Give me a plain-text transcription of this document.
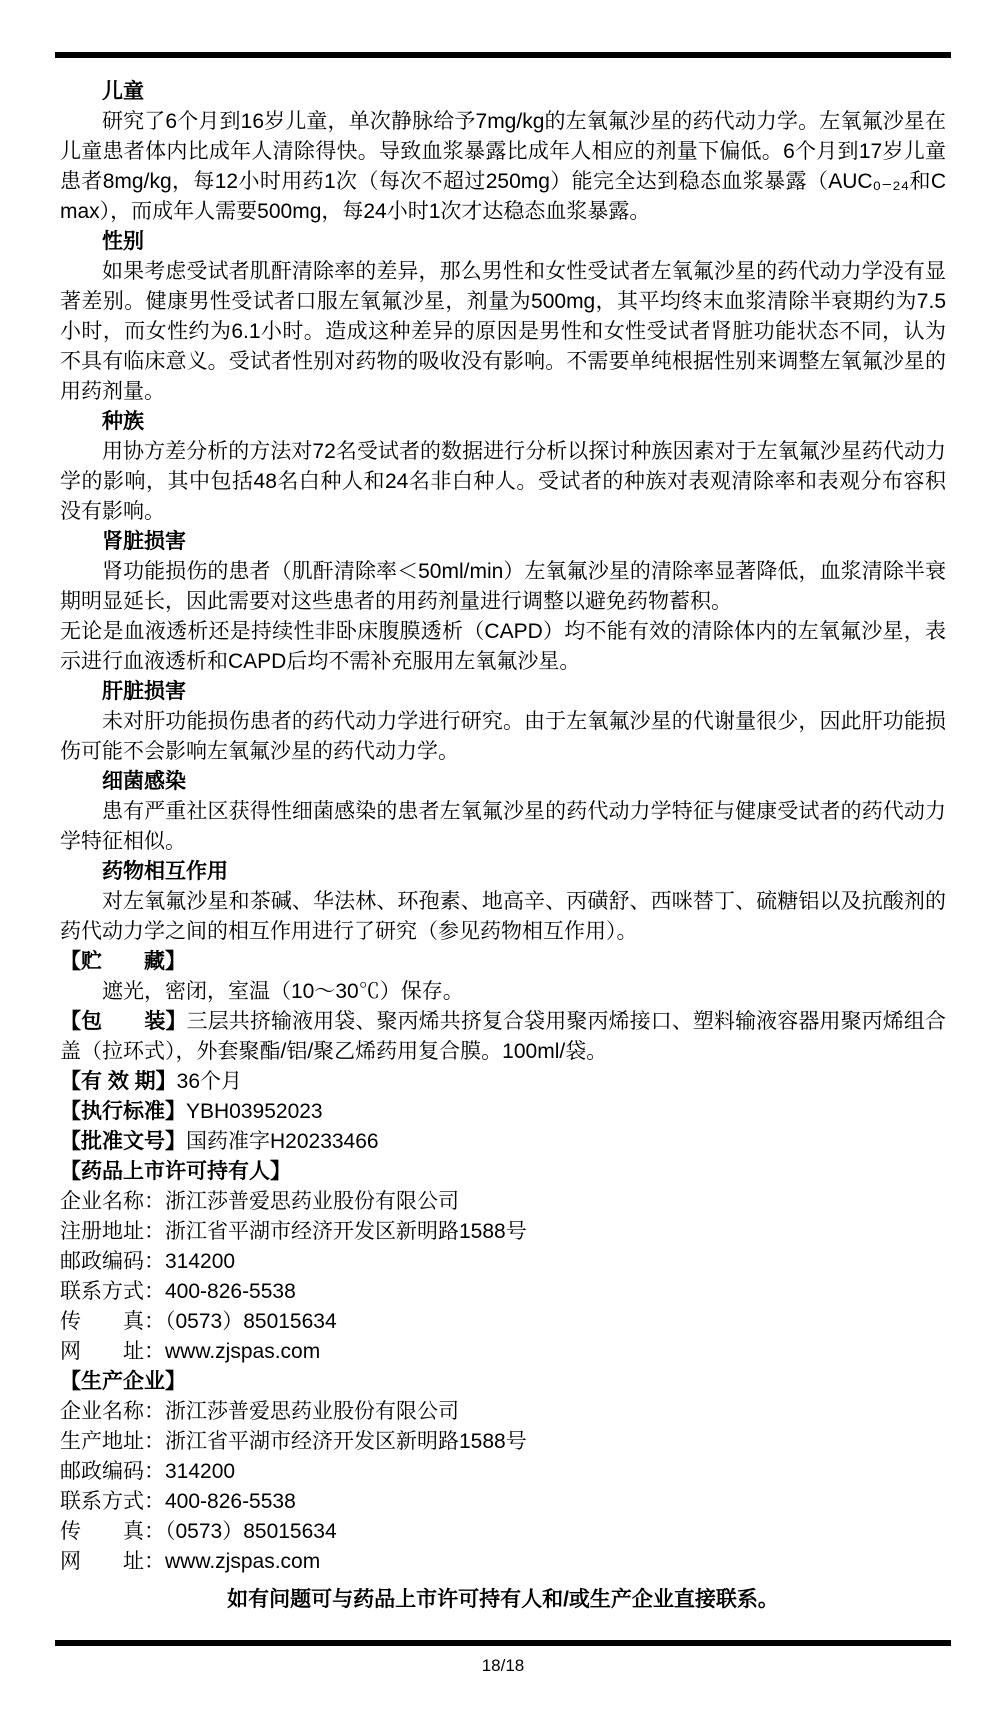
儿童

研究了6个月到16岁儿童，单次静脉给予7mg/kg的左氧氟沙星的药代动力学。左氧氟沙星在儿童患者体内比成年人清除得快。导致血浆暴露比成年人相应的剂量下偏低。6个月到17岁儿童患者8mg/kg，每12小时用药1次（每次不超过250mg）能完全达到稳态血浆暴露（AUC₀₋₂₄和Cmax），而成年人需要500mg，每24小时1次才达稳态血浆暴露。

性别

如果考虑受试者肌酐清除率的差异，那么男性和女性受试者左氧氟沙星的药代动力学没有显著差别。健康男性受试者口服左氧氟沙星，剂量为500mg，其平均终末血浆清除半衰期约为7.5小时，而女性约为6.1小时。造成这种差异的原因是男性和女性受试者肾脏功能状态不同，认为不具有临床意义。受试者性别对药物的吸收没有影响。不需要单纯根据性别来调整左氧氟沙星的用药剂量。

种族

用协方差分析的方法对72名受试者的数据进行分析以探讨种族因素对于左氧氟沙星药代动力学的影响，其中包括48名白种人和24名非白种人。受试者的种族对表观清除率和表观分布容积没有影响。

肾脏损害

肾功能损伤的患者（肌酐清除率＜50ml/min）左氧氟沙星的清除率显著降低，血浆清除半衰期明显延长，因此需要对这些患者的用药剂量进行调整以避免药物蓄积。

无论是血液透析还是持续性非卧床腹膜透析（CAPD）均不能有效的清除体内的左氧氟沙星，表示进行血液透析和CAPD后均不需补充服用左氧氟沙星。

肝脏损害

未对肝功能损伤患者的药代动力学进行研究。由于左氧氟沙星的代谢量很少，因此肝功能损伤可能不会影响左氧氟沙星的药代动力学。

细菌感染

患有严重社区获得性细菌感染的患者左氧氟沙星的药代动力学特征与健康受试者的药代动力学特征相似。

药物相互作用

对左氧氟沙星和茶碱、华法林、环孢素、地高辛、丙磺舒、西咪替丁、硫糖铝以及抗酸剂的药代动力学之间的相互作用进行了研究（参见药物相互作用）。

【贮　　藏】

遮光，密闭，室温（10～30℃）保存。

【包　　装】三层共挤输液用袋、聚丙烯共挤复合袋用聚丙烯接口、塑料输液容器用聚丙烯组合盖（拉环式），外套聚酯/铝/聚乙烯药用复合膜。100ml/袋。

【有 效 期】36个月

【执行标准】YBH03952023

【批准文号】国药准字H20233466

【药品上市许可持有人】

企业名称：浙江莎普爱思药业股份有限公司

注册地址：浙江省平湖市经济开发区新明路1588号

邮政编码：314200

联系方式：400-826-5538

传　　真：（0573）85015634

网　　址：www.zjspas.com

【生产企业】

企业名称：浙江莎普爱思药业股份有限公司

生产地址：浙江省平湖市经济开发区新明路1588号

邮政编码：314200

联系方式：400-826-5538

传　　真：（0573）85015634

网　　址：www.zjspas.com

如有问题可与药品上市许可持有人和/或生产企业直接联系。

18/18
